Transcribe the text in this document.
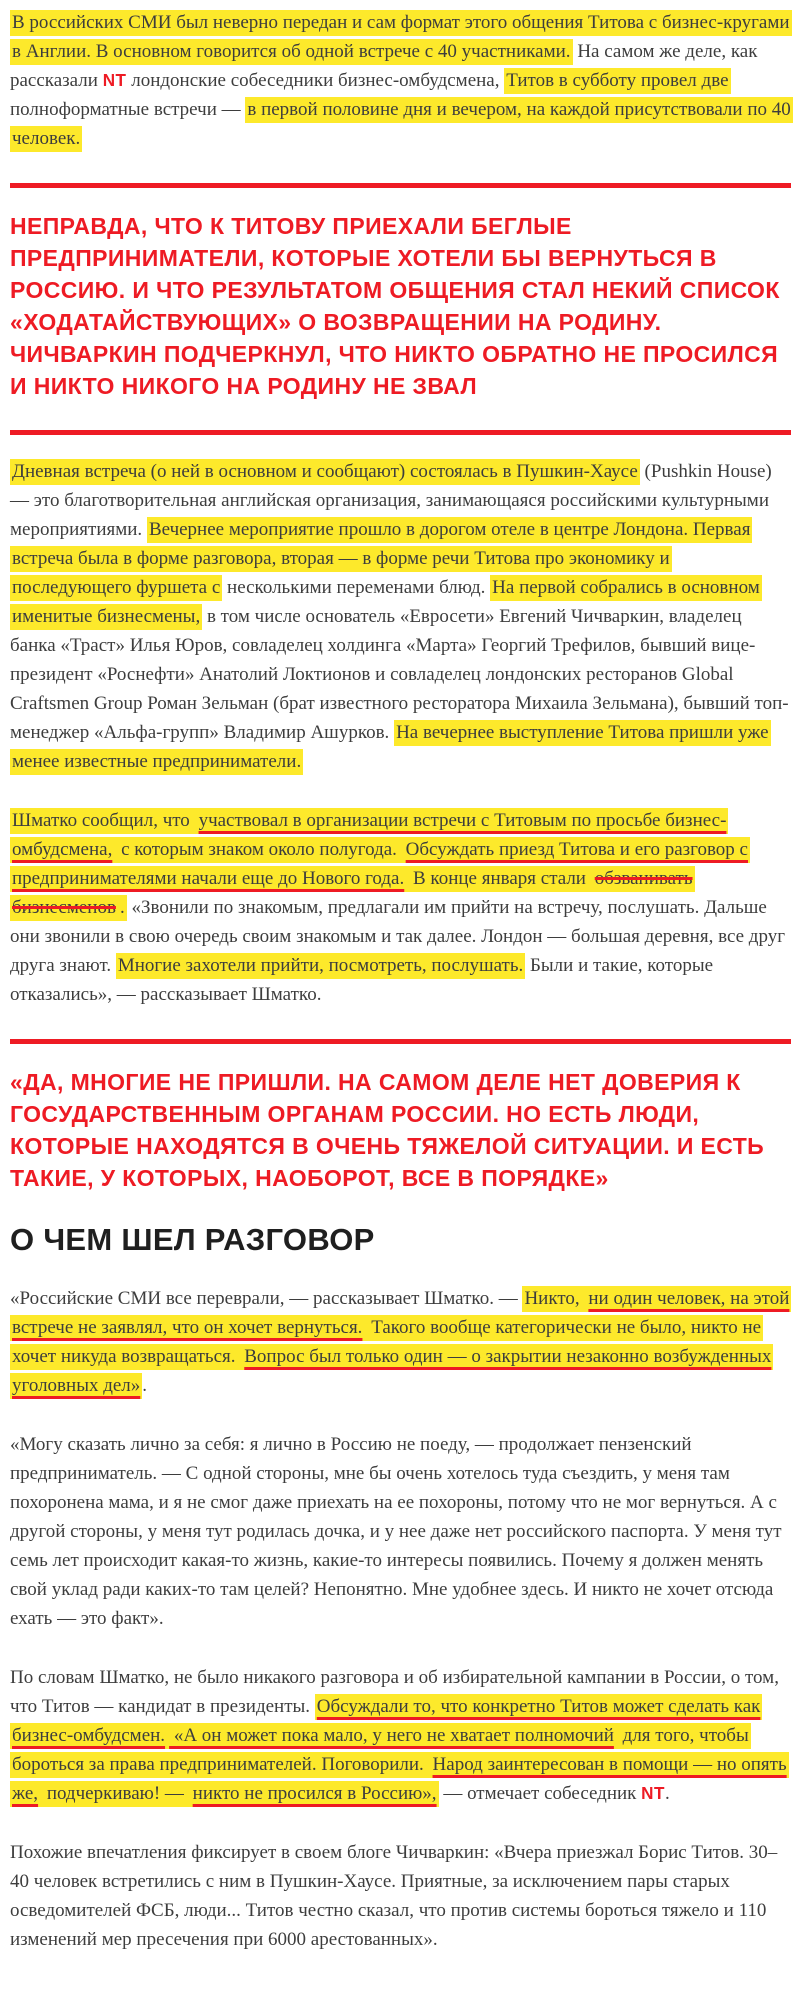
В российских СМИ был неверно передан и сам формат этого общения Титова с бизнес-кругами в Англии. В основном говорится об одной встрече с 40 участниками. На самом же деле, как рассказали NT лондонские собеседники бизнес-омбудсмена, Титов в субботу провел две полноформатные встречи — в первой половине дня и вечером, на каждой присутствовали по 40 человек.

НЕПРАВДА, ЧТО К ТИТОВУ ПРИЕХАЛИ БЕГЛЫЕ ПРЕДПРИНИМАТЕЛИ, КОТОРЫЕ ХОТЕЛИ БЫ ВЕРНУТЬСЯ В РОССИЮ. И ЧТО РЕЗУЛЬТАТОМ ОБЩЕНИЯ СТАЛ НЕКИЙ СПИСОК «ХОДАТАЙСТВУЮЩИХ» О ВОЗВРАЩЕНИИ НА РОДИНУ. ЧИЧВАРКИН ПОДЧЕРКНУЛ, ЧТО НИКТО ОБРАТНО НЕ ПРОСИЛСЯ И НИКТО НИКОГО НА РОДИНУ НЕ ЗВАЛ

Дневная встреча (о ней в основном и сообщают) состоялась в Пушкин-Хаусе (Pushkin House) — это благотворительная английская организация, занимающаяся российскими культурными мероприятиями. Вечернее мероприятие прошло в дорогом отеле в центре Лондона. Первая встреча была в форме разговора, вторая — в форме речи Титова про экономику и последующего фуршета с несколькими переменами блюд. На первой собрались в основном именитые бизнесмены, в том числе основатель «Евросети» Евгений Чичваркин, владелец банка «Траст» Илья Юров, совладелец холдинга «Марта» Георгий Трефилов, бывший вице-президент «Роснефти» Анатолий Локтионов и совладелец лондонских ресторанов Global Craftsmen Group Роман Зельман (брат известного ресторатора Михаила Зельмана), бывший топ-менеджер «Альфа-групп» Владимир Ашурков. На вечернее выступление Титова пришли уже менее известные предприниматели.

Шматко сообщил, что участвовал в организации встречи с Титовым по просьбе бизнес-омбудсмена, с которым знаком около полугода. Обсуждать приезд Титова и его разговор с предпринимателями начали еще до Нового года. В конце января стали обзванивать бизнесменов . «Звонили по знакомым, предлагали им прийти на встречу, послушать. Дальше они звонили в свою очередь своим знакомым и так далее. Лондон — большая деревня, все друг друга знают. Многие захотели прийти, посмотреть, послушать. Были и такие, которые отказались», — рассказывает Шматко.

«ДА, МНОГИЕ НЕ ПРИШЛИ. НА САМОМ ДЕЛЕ НЕТ ДОВЕРИЯ К ГОСУДАРСТВЕННЫМ ОРГАНАМ РОССИИ. НО ЕСТЬ ЛЮДИ, КОТОРЫЕ НАХОДЯТСЯ В ОЧЕНЬ ТЯЖЕЛОЙ СИТУАЦИИ. И ЕСТЬ ТАКИЕ, У КОТОРЫХ, НАОБОРОТ, ВСЕ В ПОРЯДКЕ»
О ЧЕМ ШЕЛ РАЗГОВОР

«Российские СМИ все переврали, — рассказывает Шматко. — Никто, ни один человек, на этой встрече не заявлял, что он хочет вернуться. Такого вообще категорически не было, никто не хочет никуда возвращаться. Вопрос был только один — о закрытии незаконно возбужденных уголовных дел» .

«Могу сказать лично за себя: я лично в Россию не поеду, — продолжает пензенский предприниматель. — С одной стороны, мне бы очень хотелось туда съездить, у меня там похоронена мама, и я не смог даже приехать на ее похороны, потому что не мог вернуться. А с другой стороны, у меня тут родилась дочка, и у нее даже нет российского паспорта. У меня тут семь лет происходит какая-то жизнь, какие-то интересы появились. Почему я должен менять свой уклад ради каких-то там целей? Непонятно. Мне удобнее здесь. И никто не хочет отсюда ехать — это факт».

По словам Шматко, не было никакого разговора и об избирательной кампании в России, о том, что Титов — кандидат в президенты. Обсуждали то, что конкретно Титов может сделать как бизнес-омбудсмен. «А он может пока мало, у него не хватает полномочий для того, чтобы бороться за права предпринимателей. Поговорили. Народ заинтересован в помощи — но опять же, подчеркиваю! — никто не просился в Россию», — отмечает собеседник NT.

Похожие впечатления фиксирует в своем блоге Чичваркин: «Вчера приезжал Борис Титов. 30–40 человек встретились с ним в Пушкин-Хаусе. Приятные, за исключением пары старых осведомителей ФСБ, люди... Титов честно сказал, что против системы бороться тяжело и 110 изменений мер пресечения при 6000 арестованных».
